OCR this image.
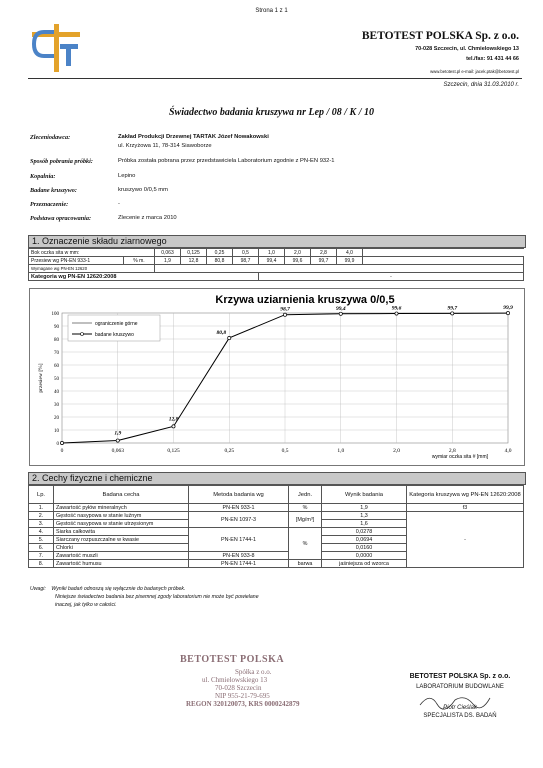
Strona 1 z 1
BETOTEST POLSKA Sp. z o.o.
70-028 Szczecin, ul. Chmielowskiego 13
tel./fax: 91 431 44 66
www.betotest.pl e-mail: jacek.ptak@betotest.pl
Szczecin, dnia 31.03.2010 r.
Świadectwo badania kruszywa nr Lep / 08 / K / 10
Zleceniodawca:	Zakład Produkcji Drzewnej TARTAK Józef Nowakowski
ul. Krzyżowa 11, 78-314 Siawoborze
Sposób pobrania próbki:	Próbka została pobrana przez przedstawiciela Laboratorium zgodnie z PN-EN 932-1
Kopalnia:	Lepino
Badane kruszywo:	kruszywo 0/0,5 mm
Przeznaczenie:	-
Podstawa opracowania:	Zlecenie z marca 2010
1. Oznaczenie składu ziarnowego
Bok oczka sita w mm:		0,063	0,125	0,25	0,5	1,0	2,0	2,8	4,0	
Przesiew wg PN-EN 933-1	% m.	1,9	12,8	80,8	98,7	99,4	99,6	99,7	99,9	
Wymagane wg PN-EN 12620										
Kategoria wg PN-EN 12620:2008						-				
Krzywa uziarnienia kruszywa 0/0,5
0
10
20
30
40
50
60
70
80
90
100
0	0,063	0,125	0,25	0,5	1,0	2,0	2,8	4,0
przesiew [%]
wymiar oczka sita # [mm]
1,9
12,8
80,8
98,7	99,4	99,6	99,7	99,9
ograniczenie górne
badane kruszywo
2. Cechy fizyczne i chemiczne
Lp.	Badana cecha	Metoda badania wg	Jedn.	Wynik badania	Kategoria kruszywa wg PN-EN 12620:2008
1.	Zawartość pyłów mineralnych	PN-EN 933-1	%	1,9	f3
2.	Gęstość nasypowa w stanie luźnym	PN-EN 1097-3	[Mg/m³]	1,3	-
3.	Gęstość nasypowa w stanie utrzęsionym			1,6	
4.	Siarka całkowita	PN-EN 1744-1	%	0,0278	
5.	Siarczany rozpuszczalne w kwasie			0,0694	
6.	Chlorki			0,0160	
7.	Zawartość muszli	PN-EN 933-8		0,0000	
8.	Zawartość humusu	PN-EN 1744-1	barwa	jaśniejsza od wzorca	
Uwagi: Wyniki badań odnoszą się wyłącznie do badanych próbek.
Niniejsze świadectwo badania bez pisemnej zgody laboratorium nie może być powielane
inaczej, jak tylko w całości.
BETOTEST POLSKA
Spółka z o.o.
ul. Chmielowskiego 13
70-028 Szczecin
NIP 955-21-79-695
REGON 320120073, KRS 0000242879
BETOTEST POLSKA Sp. z o.o.
LABORATORIUM BUDOWLANE
Piotr Cieślak
SPECJALISTA DS. BADAŃ
